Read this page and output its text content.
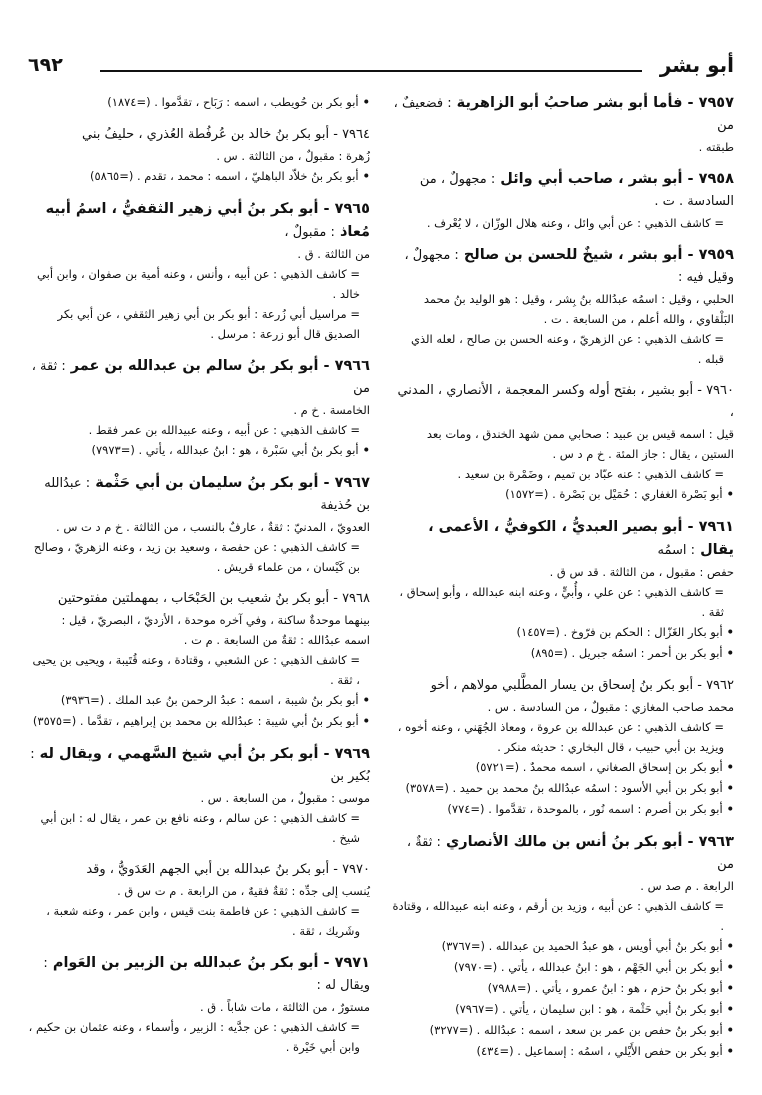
أبو بشر
٦٩٢
٧٩٥٧ - فأما أبو بشر صاحبُ أبو الزاهرية : فضعيفٌ ، من
طبقته .
٧٩٥٨ - أبو بشر ، صاحب أبي وائل : مجهولٌ ، من السادسة . ت .
= كاشف الذهبي : عن أبي وائل ، وعنه هلال الوزّان ، لا يُعْرف .
٧٩٥٩ - أبو بشر ، شيخٌ للحسن بن صالح : مجهولٌ ، وقيل فيه :
الحلبي ، وقيل : اسمُه عبدُالله بنُ بِشر ، وقيل : هو الوليد بنُ محمد
البَلْقاوي ، والله أعلم ، من السابعة . ت .
= كاشف الذهبي : عن الزهريّ ، وعنه الحسن بن صالح ، لعله الذي قبله .
٧٩٦٠ - أبو بشير ، بفتح أوله وكسر المعجمة ، الأنصاري ، المدني ،
قيل : اسمه قيس بن عبيد : صحابي ممن شهد الخندق ، ومات بعد
الستين ، يقال : جاز المئة . خ م د س .
= كاشف الذهبي : عنه عبّاد بن تميم ، وضَمْرة بن سعيد .
• أبو بَصْرة الغفاري : حُمَيْل بن بَصْرة . (=١٥٧٢)
٧٩٦١ - أبو بصير العبديُّ ، الكوفيُّ ، الأعمى ، يقال : اسمُه
حفص : مقبول ، من الثالثة . قد س ق .
= كاشف الذهبي : عن علي ، وأُبيٍّ ، وعنه ابنه عبدالله ، وأبو إسحاق ، ثقة .
• أبو بكار الغَزّال : الحكم بن فرّوخ . (=١٤٥٧)
• أبو بكر بن أحمر : اسمُه جبريل . (=٨٩٥)
٧٩٦٢ - أبو بكر بنُ إسحاق بن يسار المطَّلبي مولاهم ، أخو
محمد صاحب المغازي : مقبولٌ ، من السادسة . س .
= كاشف الذهبي : عن عبدالله بن عروة ، ومعاذ الجُهَني ، وعنه أخوه ، ويزيد بن أبي حبيب ، قال البخاري : حديثه منكر .
• أبو بكر بن إسحاق الصغاني ، اسمه محمدٌ . (=٥٧٢١)
• أبو بكر بن أبي الأسود : اسمُه عبدُالله بنُ محمد بن حميد . (=٣٥٧٨)
• أبو بكر بن أصرم : اسمه نُور ، بالموحدة ، تقدَّموا . (=٧٧٤)
٧٩٦٣ - أبو بكر بنُ أنس بن مالك الأنصاري : ثقةٌ ، من
الرابعة . م صد س .
= كاشف الذهبي : عن أبيه ، وزيد بن أرقم ، وعنه ابنه عبيدالله ، وقتادة .
• أبو بكر بنُ أبي أويس ، هو عبدُ الحميد بن عبدالله . (=٣٧٦٧)
• أبو بكر بن أبي الجَهْم ، هو : ابنُ عبدالله ، يأتي . (=٧٩٧٠)
• أبو بكر بنُ حزم ، هو : ابنُ عمرو ، يأتي . (=٧٩٨٨)
• أبو بكر بنُ أبي حَثْمة ، هو : ابن سليمان ، يأتي . (=٧٩٦٧)
• أبو بكر بنُ حفص بن عمر بن سعد ، اسمه : عبدُالله . (=٣٢٧٧)
• أبو بكر بن حفص الأَيْلي ، اسمُه : إسماعيل . (=٤٣٤)
• أبو بكر بن حُويطب ، اسمه : رَبَاح ، تقدَّموا . (=١٨٧٤)
٧٩٦٤ - أبو بكر بنُ خالد بن عُرفُطة العُذري ، حليفُ بني
زُهرة : مقبولٌ ، من الثالثة . س .
• أبو بكر بنُ خلاّد الباهليّ ، اسمه : محمد ، تقدم . (=٥٨٦٥)
٧٩٦٥ - أبو بكر بنُ أبي زهير الثقفيُّ ، اسمُ أبيه مُعاذ : مقبولٌ ،
من الثالثة . ق .
= كاشف الذهبي : عن أبيه ، وأنس ، وعنه أمية بن صفوان ، وابن أبي خالد .
= مراسيل أبي زُرعة : أبو بكر بن أبي زهير الثقفي ، عن أبي بكر الصديق قال أبو زرعة : مرسل .
٧٩٦٦ - أبو بكر بنُ سالم بن عبدالله بن عمر : ثقة ، من
الخامسة . خ م .
= كاشف الذهبي : عن أبيه ، وعنه عبيدالله بن عمر فقط .
• أبو بكر بنُ أبي سَبْرة ، هو : ابنُ عبدالله ، يأتي . (=٧٩٧٣)
٧٩٦٧ - أبو بكر بنُ سليمان بن أبي حَثْمة : عبدُالله بن حُذيفة
العدويّ ، المدنيّ : ثقةٌ ، عارفٌ بالنسب ، من الثالثة . خ م د ت س .
= كاشف الذهبي : عن حفصة ، وسعيد بن زيد ، وعنه الزهريّ ، وصالح بن كَيْسان ، من علماء قريش .
٧٩٦٨ - أبو بكر بنُ شعيب بن الحَبْحَاب ، بمهملتين مفتوحتين
بينهما موحدةٌ ساكنة ، وفي آخره موحدة ، الأزديّ ، البصريّ ، قيل :
اسمه عبدُالله : ثقةٌ من السابعة . م ت .
= كاشف الذهبي : عن الشعبي ، وقتادة ، وعنه قُتَيبة ، ويحيى بن يحيى ، ثقة .
• أبو بكر بنُ شيبة ، اسمه : عبدُ الرحمن بنُ عبد الملك . (=٣٩٣٦)
• أبو بكر بنُ أبي شيبة : عبدُالله بن محمد بن إبراهيم ، تقدَّما . (=٣٥٧٥)
٧٩٦٩ - أبو بكر بنُ أبي شيخ السَّهمي ، ويقال له : بُكير بن
موسى : مقبولٌ ، من السابعة . س .
= كاشف الذهبي : عن سالم ، وعنه نافع بن عمر ، يقال له : ابن أبي شيخ .
٧٩٧٠ - أبو بكر بنُ عبدالله بن أبي الجهم العَدَويُّ ، وقد
يُنسب إلى جدِّه : ثقةٌ فقيهٌ ، من الرابعة . م ت س ق .
= كاشف الذهبي : عن فاطمة بنت قيس ، وابن عمر ، وعنه شعبة ، وشَريك ، ثقة .
٧٩٧١ - أبو بكر بنُ عبدالله بن الزبير بن العَوام : ويقال له :
مستورٌ ، من الثالثة ، مات شاباً . ق .
= كاشف الذهبي : عن جدَّيه : الزبير ، وأسماء ، وعنه عثمان بن حكيم ، وابن أبي خَيْرة .
